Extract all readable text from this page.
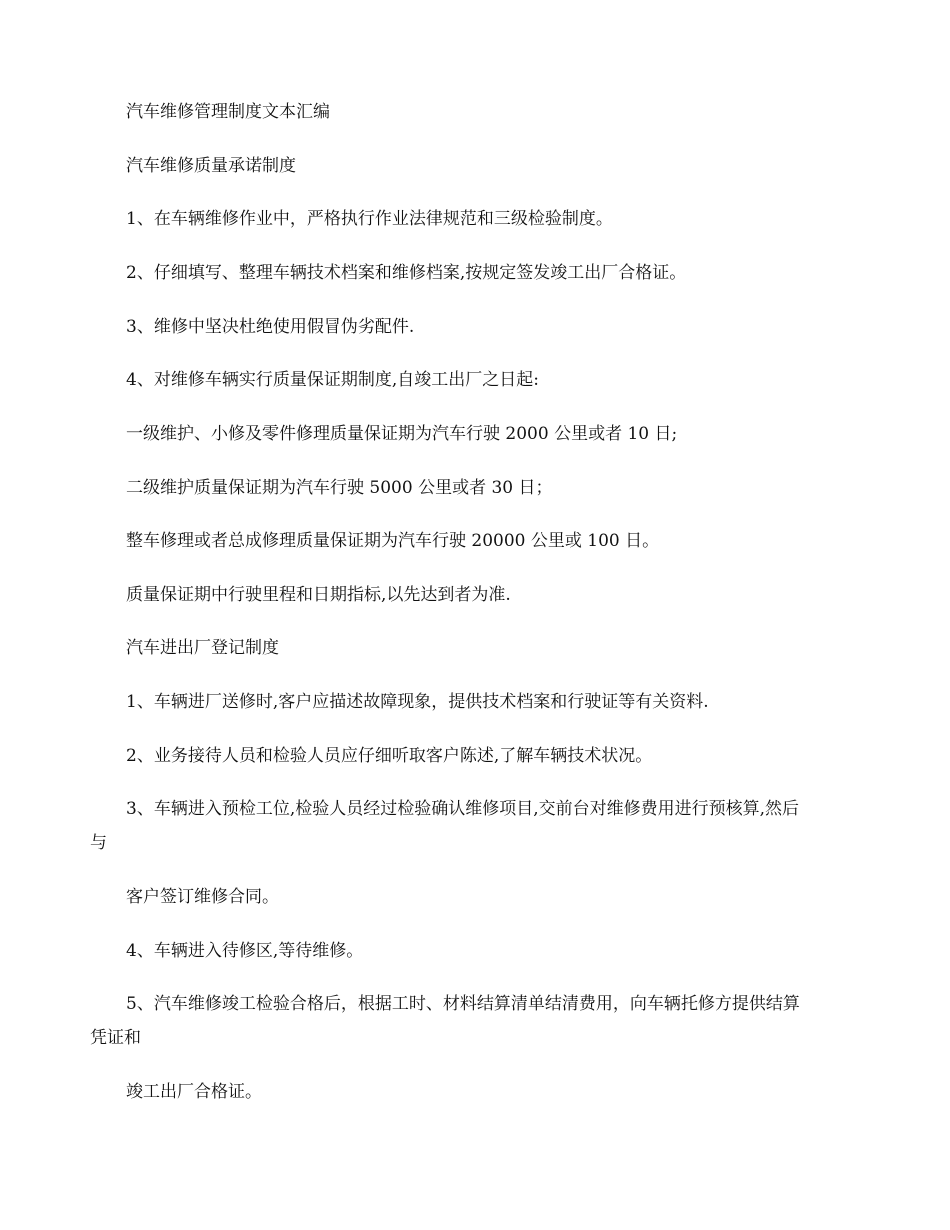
汽车维修管理制度文本汇编
汽车维修质量承诺制度
1、在车辆维修作业中，严格执行作业法律规范和三级检验制度。
2、仔细填写、整理车辆技术档案和维修档案,按规定签发竣工出厂合格证。
3、维修中坚决杜绝使用假冒伪劣配件.
4、对维修车辆实行质量保证期制度,自竣工出厂之日起:
一级维护、小修及零件修理质量保证期为汽车行驶 2000 公里或者 10 日;
二级维护质量保证期为汽车行驶 5000 公里或者 30 日；
整车修理或者总成修理质量保证期为汽车行驶 20000 公里或 100 日。
质量保证期中行驶里程和日期指标,以先达到者为准.
汽车进出厂登记制度
1、车辆进厂送修时,客户应描述故障现象，提供技术档案和行驶证等有关资料.
2、业务接待人员和检验人员应仔细听取客户陈述,了解车辆技术状况。
3、车辆进入预检工位,检验人员经过检验确认维修项目,交前台对维修费用进行预核算,然后
与
客户签订维修合同。
4、车辆进入待修区,等待维修。
5、汽车维修竣工检验合格后，根据工时、材料结算清单结清费用，向车辆托修方提供结算
凭证和
竣工出厂合格证。
